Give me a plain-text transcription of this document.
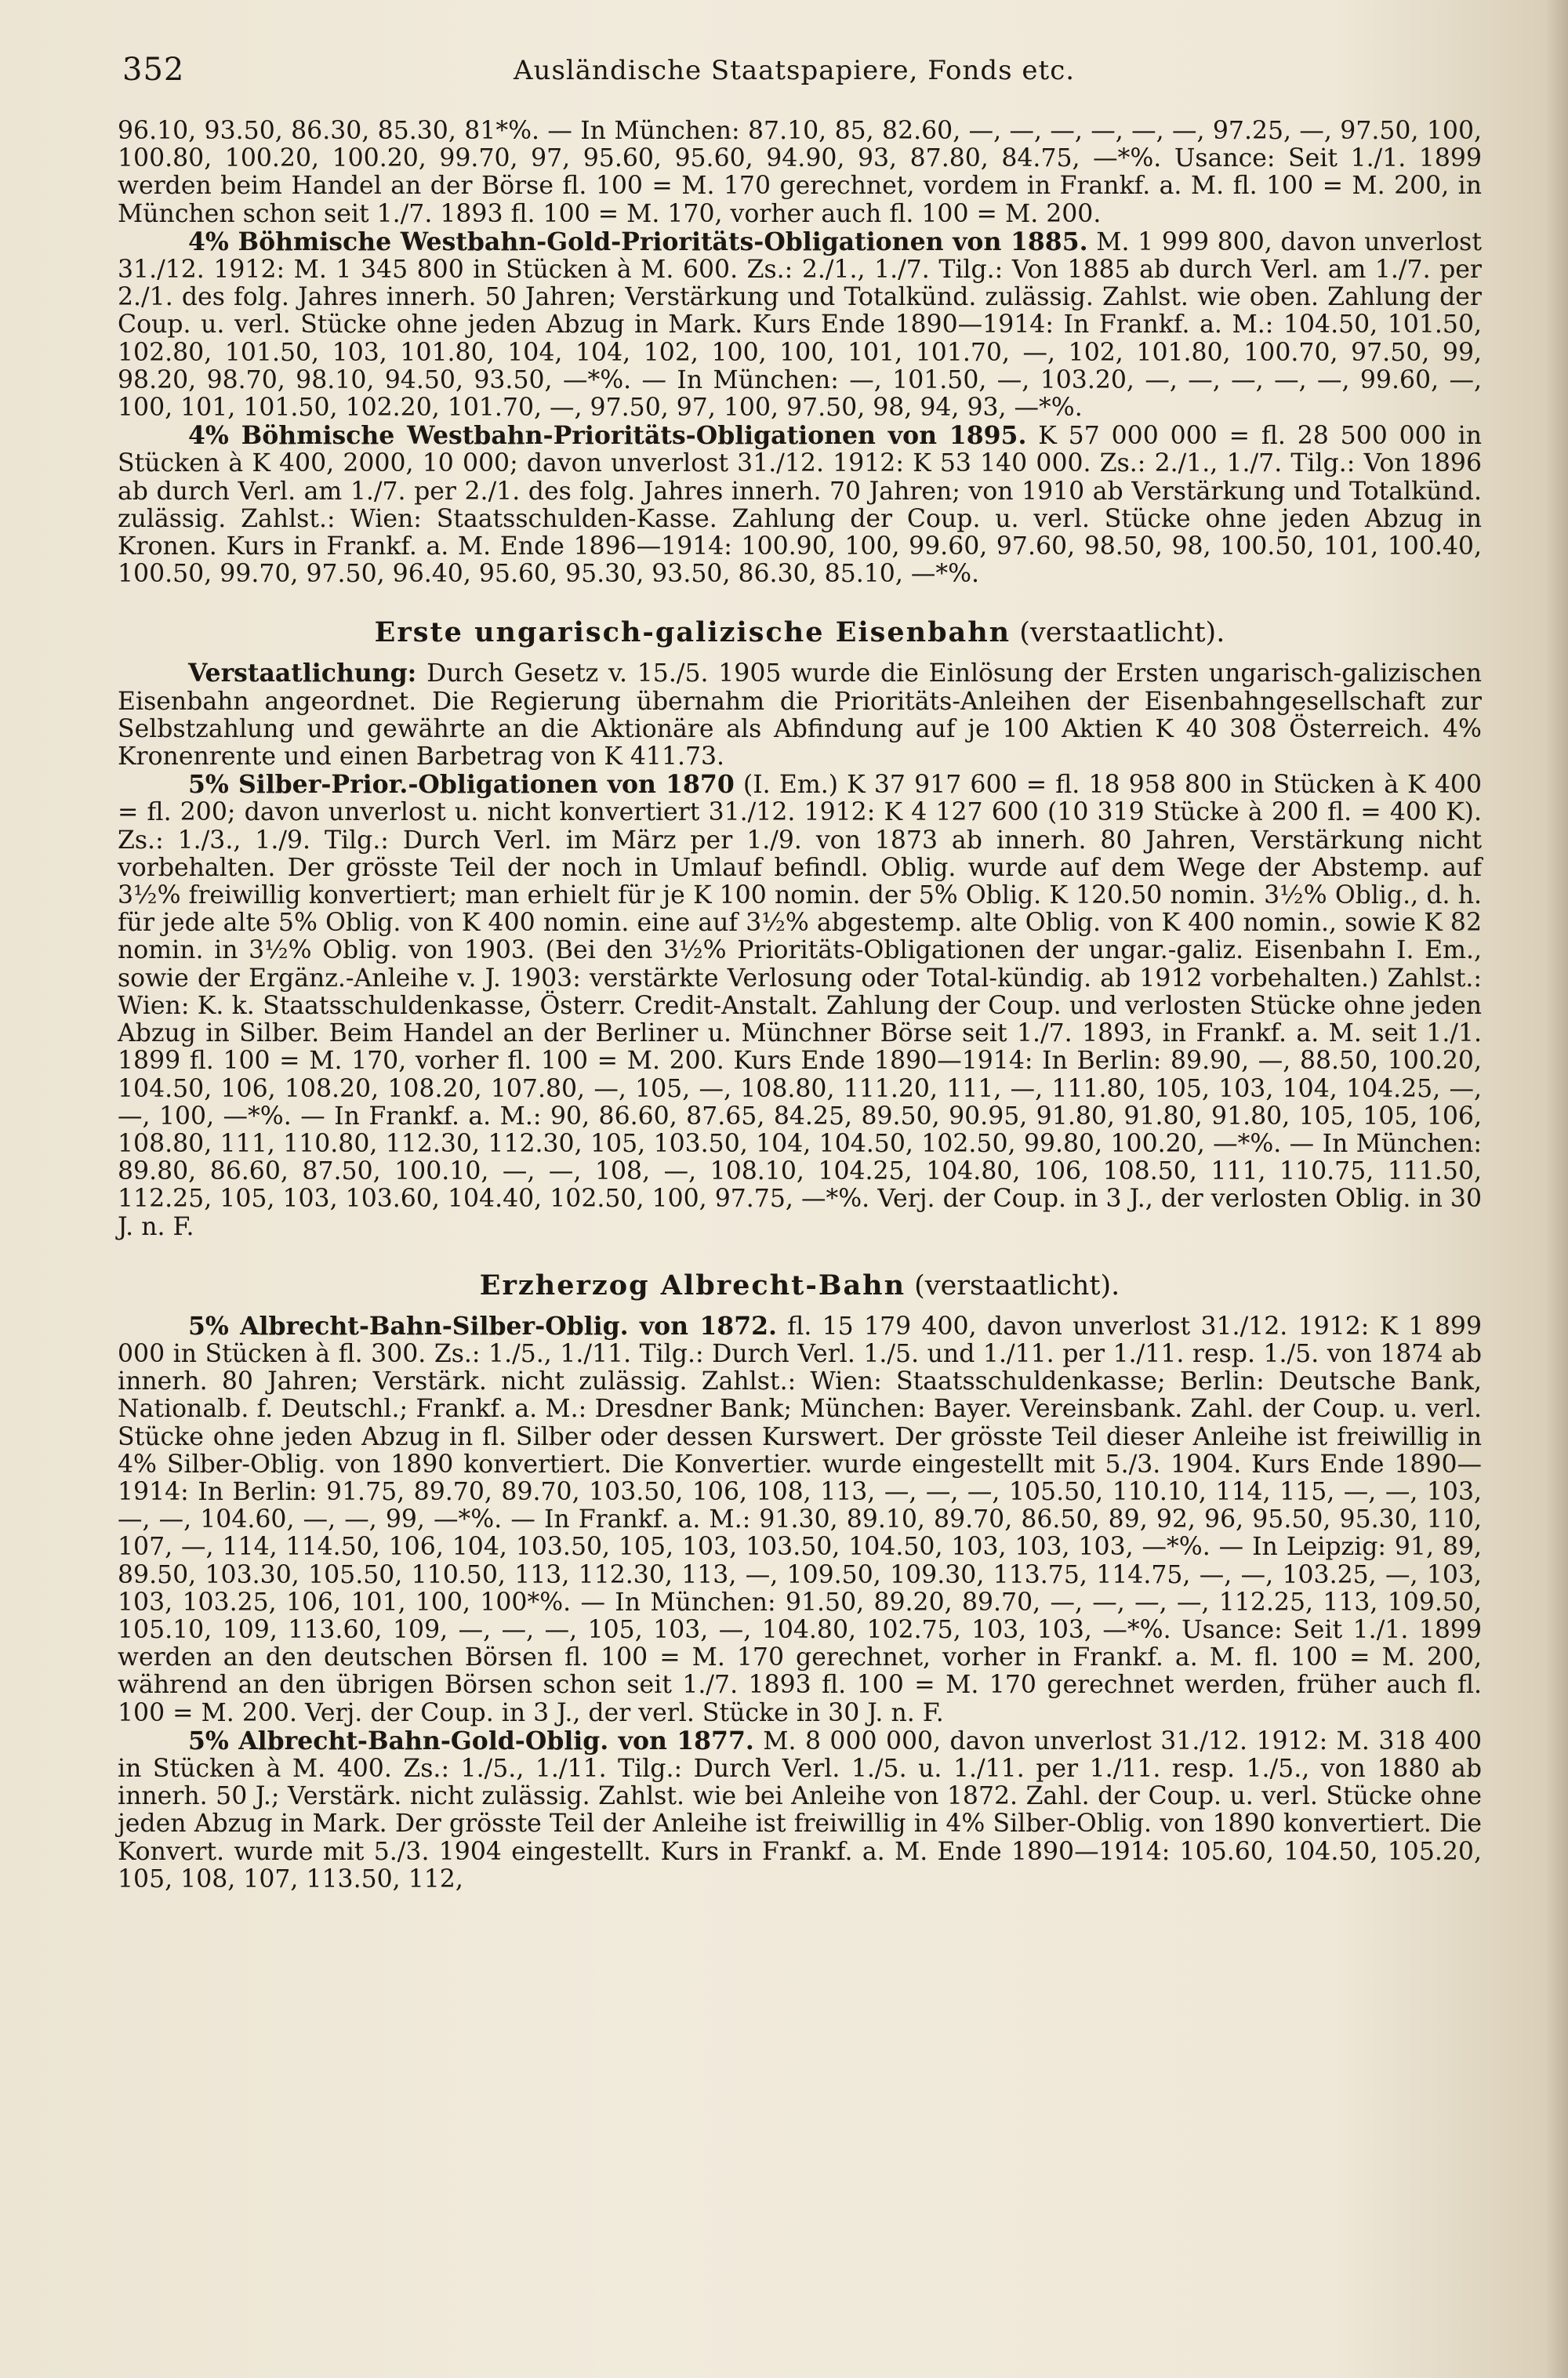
352	Ausländische Staatspapiere, Fonds etc.

96.10, 93.50, 86.30, 85.30, 81*%. — In München: 87.10, 85, 82.60, —, —, —, —, —, —, 97.25, —, 97.50, 100, 100.80, 100.20, 100.20, 99.70, 97, 95.60, 95.60, 94.90, 93, 87.80, 84.75, —*%. Usance: Seit 1./1. 1899 werden beim Handel an der Börse fl. 100 = M. 170 gerechnet, vordem in Frankf. a. M. fl. 100 = M. 200, in München schon seit 1./7. 1893 fl. 100 = M. 170, vorher auch fl. 100 = M. 200.

4% Böhmische Westbahn-Gold-Prioritäts-Obligationen von 1885. M. 1 999 800, davon unverlost 31./12. 1912: M. 1 345 800 in Stücken à M. 600. Zs.: 2./1., 1./7. Tilg.: Von 1885 ab durch Verl. am 1./7. per 2./1. des folg. Jahres innerh. 50 Jahren; Verstärkung und Totalkünd. zulässig. Zahlst. wie oben. Zahlung der Coup. u. verl. Stücke ohne jeden Abzug in Mark. Kurs Ende 1890—1914: In Frankf. a. M.: 104.50, 101.50, 102.80, 101.50, 103, 101.80, 104, 104, 102, 100, 100, 101, 101.70, —, 102, 101.80, 100.70, 97.50, 99, 98.20, 98.70, 98.10, 94.50, 93.50, —*%. — In München: —, 101.50, —, 103.20, —, —, —, —, —, 99.60, —, 100, 101, 101.50, 102.20, 101.70, —, 97.50, 97, 100, 97.50, 98, 94, 93, —*%.

4% Böhmische Westbahn-Prioritäts-Obligationen von 1895. K 57 000 000 = fl. 28 500 000 in Stücken à K 400, 2000, 10 000; davon unverlost 31./12. 1912: K 53 140 000. Zs.: 2./1., 1./7. Tilg.: Von 1896 ab durch Verl. am 1./7. per 2./1. des folg. Jahres innerh. 70 Jahren; von 1910 ab Verstärkung und Totalkünd. zulässig. Zahlst.: Wien: Staatsschulden-Kasse. Zahlung der Coup. u. verl. Stücke ohne jeden Abzug in Kronen. Kurs in Frankf. a. M. Ende 1896—1914: 100.90, 100, 99.60, 97.60, 98.50, 98, 100.50, 101, 100.40, 100.50, 99.70, 97.50, 96.40, 95.60, 95.30, 93.50, 86.30, 85.10, —*%.

Erste ungarisch-galizische Eisenbahn (verstaatlicht).

Verstaatlichung: Durch Gesetz v. 15./5. 1905 wurde die Einlösung der Ersten ungarisch-galizischen Eisenbahn angeordnet. Die Regierung übernahm die Prioritäts-Anleihen der Eisenbahngesellschaft zur Selbstzahlung und gewährte an die Aktionäre als Abfindung auf je 100 Aktien K 40 308 Österreich. 4% Kronenrente und einen Barbetrag von K 411.73.

5% Silber-Prior.-Obligationen von 1870 (I. Em.) K 37 917 600 = fl. 18 958 800 in Stücken à K 400 = fl. 200; davon unverlost u. nicht konvertiert 31./12. 1912: K 4 127 600 (10 319 Stücke à 200 fl. = 400 K). Zs.: 1./3., 1./9. Tilg.: Durch Verl. im März per 1./9. von 1873 ab innerh. 80 Jahren, Verstärkung nicht vorbehalten. Der grösste Teil der noch in Umlauf befindl. Oblig. wurde auf dem Wege der Abstemp. auf 3½% freiwillig konvertiert; man erhielt für je K 100 nomin. der 5% Oblig. K 120.50 nomin. 3½% Oblig., d. h. für jede alte 5% Oblig. von K 400 nomin. eine auf 3½% abgestemp. alte Oblig. von K 400 nomin., sowie K 82 nomin. in 3½% Oblig. von 1903. (Bei den 3½% Prioritäts-Obligationen der ungar.-galiz. Eisenbahn I. Em., sowie der Ergänz.-Anleihe v. J. 1903: verstärkte Verlosung oder Total-kündig. ab 1912 vorbehalten.) Zahlst.: Wien: K. k. Staatsschuldenkasse, Österr. Credit-Anstalt. Zahlung der Coup. und verlosten Stücke ohne jeden Abzug in Silber. Beim Handel an der Berliner u. Münchner Börse seit 1./7. 1893, in Frankf. a. M. seit 1./1. 1899 fl. 100 = M. 170, vorher fl. 100 = M. 200. Kurs Ende 1890—1914: In Berlin: 89.90, —, 88.50, 100.20, 104.50, 106, 108.20, 108.20, 107.80, —, 105, —, 108.80, 111.20, 111, —, 111.80, 105, 103, 104, 104.25, —, —, 100, —*%. — In Frankf. a. M.: 90, 86.60, 87.65, 84.25, 89.50, 90.95, 91.80, 91.80, 91.80, 105, 105, 106, 108.80, 111, 110.80, 112.30, 112.30, 105, 103.50, 104, 104.50, 102.50, 99.80, 100.20, —*%. — In München: 89.80, 86.60, 87.50, 100.10, —, —, 108, —, 108.10, 104.25, 104.80, 106, 108.50, 111, 110.75, 111.50, 112.25, 105, 103, 103.60, 104.40, 102.50, 100, 97.75, —*%. Verj. der Coup. in 3 J., der verlosten Oblig. in 30 J. n. F.

Erzherzog Albrecht-Bahn (verstaatlicht).

5% Albrecht-Bahn-Silber-Oblig. von 1872. fl. 15 179 400, davon unverlost 31./12. 1912: K 1 899 000 in Stücken à fl. 300. Zs.: 1./5., 1./11. Tilg.: Durch Verl. 1./5. und 1./11. per 1./11. resp. 1./5. von 1874 ab innerh. 80 Jahren; Verstärk. nicht zulässig. Zahlst.: Wien: Staatsschuldenkasse; Berlin: Deutsche Bank, Nationalb. f. Deutschl.; Frankf. a. M.: Dresdner Bank; München: Bayer. Vereinsbank. Zahl. der Coup. u. verl. Stücke ohne jeden Abzug in fl. Silber oder dessen Kurswert. Der grösste Teil dieser Anleihe ist freiwillig in 4% Silber-Oblig. von 1890 konvertiert. Die Konvertier. wurde eingestellt mit 5./3. 1904. Kurs Ende 1890—1914: In Berlin: 91.75, 89.70, 89.70, 103.50, 106, 108, 113, —, —, —, 105.50, 110.10, 114, 115, —, —, 103, —, —, 104.60, —, —, 99, —*%. — In Frankf. a. M.: 91.30, 89.10, 89.70, 86.50, 89, 92, 96, 95.50, 95.30, 110, 107, —, 114, 114.50, 106, 104, 103.50, 105, 103, 103.50, 104.50, 103, 103, 103, —*%. — In Leipzig: 91, 89, 89.50, 103.30, 105.50, 110.50, 113, 112.30, 113, —, 109.50, 109.30, 113.75, 114.75, —, —, 103.25, —, 103, 103, 103.25, 106, 101, 100, 100*%. — In München: 91.50, 89.20, 89.70, —, —, —, —, 112.25, 113, 109.50, 105.10, 109, 113.60, 109, —, —, —, 105, 103, —, 104.80, 102.75, 103, 103, —*%. Usance: Seit 1./1. 1899 werden an den deutschen Börsen fl. 100 = M. 170 gerechnet, vorher in Frankf. a. M. fl. 100 = M. 200, während an den übrigen Börsen schon seit 1./7. 1893 fl. 100 = M. 170 gerechnet werden, früher auch fl. 100 = M. 200. Verj. der Coup. in 3 J., der verl. Stücke in 30 J. n. F.

5% Albrecht-Bahn-Gold-Oblig. von 1877. M. 8 000 000, davon unverlost 31./12. 1912: M. 318 400 in Stücken à M. 400. Zs.: 1./5., 1./11. Tilg.: Durch Verl. 1./5. u. 1./11. per 1./11. resp. 1./5., von 1880 ab innerh. 50 J.; Verstärk. nicht zulässig. Zahlst. wie bei Anleihe von 1872. Zahl. der Coup. u. verl. Stücke ohne jeden Abzug in Mark. Der grösste Teil der Anleihe ist freiwillig in 4% Silber-Oblig. von 1890 konvertiert. Die Konvert. wurde mit 5./3. 1904 eingestellt. Kurs in Frankf. a. M. Ende 1890—1914: 105.60, 104.50, 105.20, 105, 108, 107, 113.50, 112,
